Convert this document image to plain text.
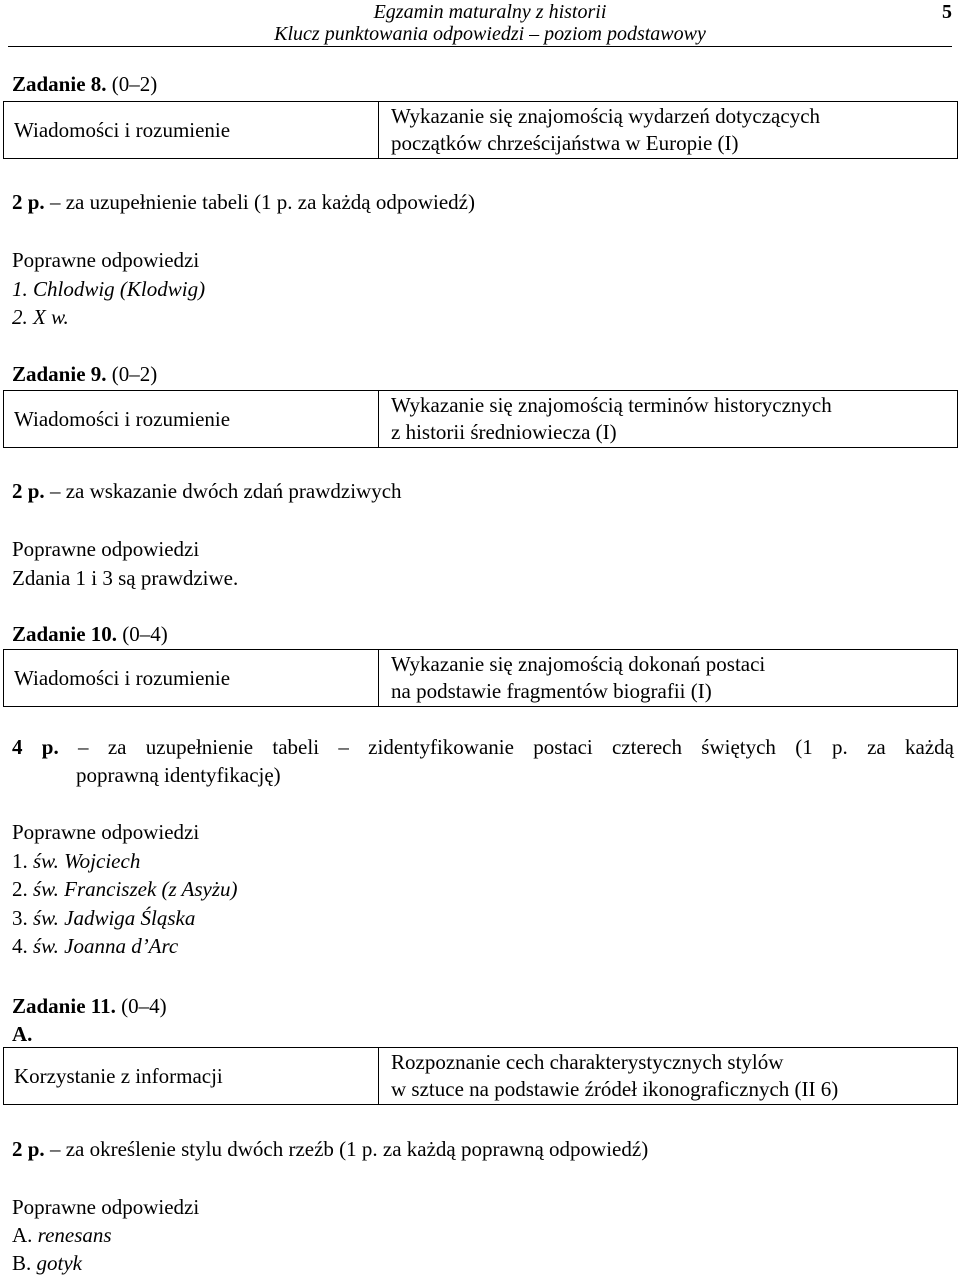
Egzamin maturalny z historii
Klucz punktowania odpowiedzi – poziom podstawowy
5
Zadanie 8. (0–2)
Wiadomości i rozumienie
Wykazanie się znajomością wydarzeń dotyczących
początków chrześcijaństwa w Europie (I)
2 p. – za uzupełnienie tabeli (1 p. za każdą odpowiedź)
Poprawne odpowiedzi
1. Chlodwig (Klodwig)
2. X w.
Zadanie 9. (0–2)
Wiadomości i rozumienie
Wykazanie się znajomością terminów historycznych
z historii średniowiecza (I)
2 p. – za wskazanie dwóch zdań prawdziwych
Poprawne odpowiedzi
Zdania 1 i 3 są prawdziwe.
Zadanie 10. (0–4)
Wiadomości i rozumienie
Wykazanie się znajomością dokonań postaci
na podstawie fragmentów biografii (I)
4 p. – za uzupełnienie tabeli – zidentyfikowanie postaci czterech świętych (1 p. za każdą
poprawną identyfikację)
Poprawne odpowiedzi
1. św. Wojciech
2. św. Franciszek (z Asyżu)
3. św. Jadwiga Śląska
4. św. Joanna d’Arc
Zadanie 11. (0–4)
A.
Korzystanie z informacji
Rozpoznanie cech charakterystycznych stylów
w sztuce na podstawie źródeł ikonograficznych (II 6)
2 p. – za określenie stylu dwóch rzeźb (1 p. za każdą poprawną odpowiedź)
Poprawne odpowiedzi
A. renesans
B. gotyk
